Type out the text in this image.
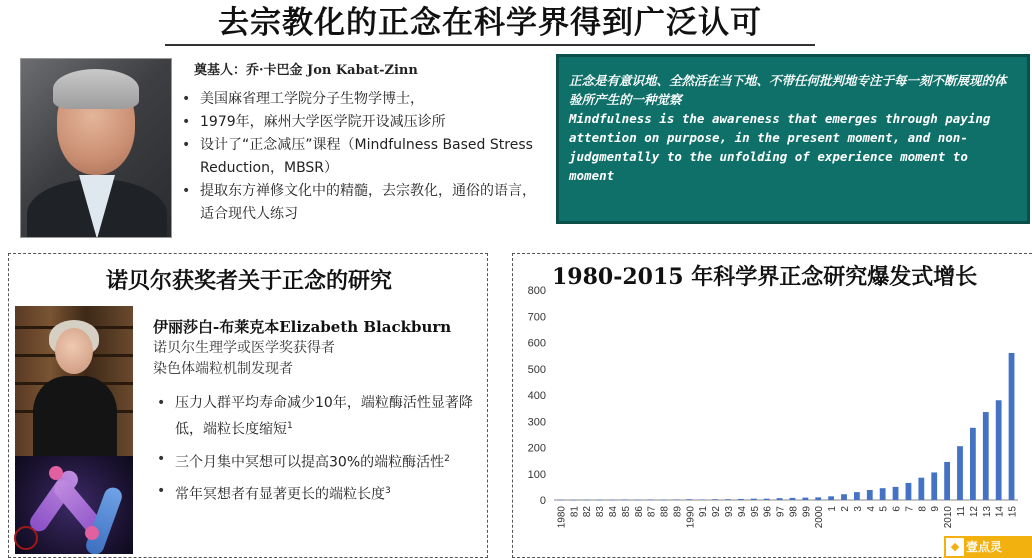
去宗教化的正念在科学界得到广泛认可
奠基人：乔·卡巴金 Jon Kabat-Zinn
• 美国麻省理工学院分子生物学博士，
• 1979年，麻州大学医学院开设减压诊所
• 设计了“正念减压”课程（Mindfulness Based Stress Reduction，MBSR）
• 提取东方禅修文化中的精髓，去宗教化，通俗的语言，适合现代人练习
正念是有意识地、全然活在当下地、不带任何批判地专注于每一刻不断展现的体验所产生的一种觉察
Mindfulness is the awareness that emerges through paying attention on purpose, in the present moment, and non-judgmentally to the unfolding of experience moment to moment
诺贝尔获奖者关于正念的研究
伊丽莎白-布莱克本Elizabeth Blackburn
诺贝尔生理学或医学奖获得者
染色体端粒机制发现者
• 压力人群平均寿命减少10年，端粒酶活性显著降低，端粒长度缩短$^1$
• 三个月集中冥想可以提高30%的端粒酶活性$^2$
• 常年冥想者有显著更长的端粒长度$^3$
1980-2015 年科学界正念研究爆发式增长
0
100
200
300
400
500
600
700
800
1980 81 82 83 84 85 86 87 88 89 1990 91 92 93 94 95 96 97 98 99 2000 1 2 3 4 5 6 7 8 9 2010 11 12 13 14 15
◆ 壹点灵
